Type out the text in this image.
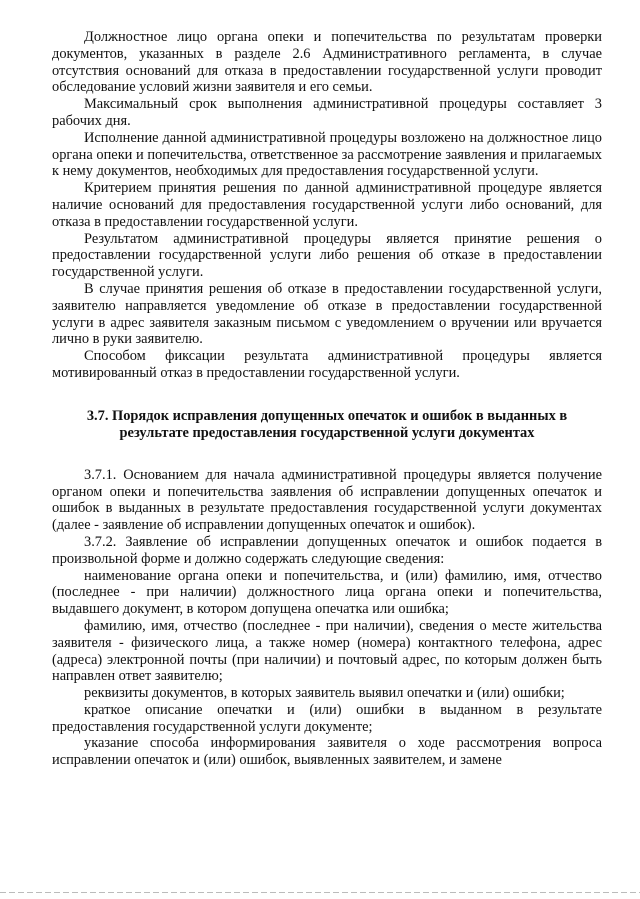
Должностное лицо органа опеки и попечительства по результатам проверки документов, указанных в разделе 2.6 Административного регламента, в случае отсутствия оснований для отказа в предоставлении государственной услуги проводит обследование условий жизни заявителя и его семьи.

Максимальный срок выполнения административной процедуры составляет 3 рабочих дня.

Исполнение данной административной процедуры возложено на должностное лицо органа опеки и попечительства, ответственное за рассмотрение заявления и прилагаемых к нему документов, необходимых для предоставления государственной услуги.

Критерием принятия решения по данной административной процедуре является наличие оснований для предоставления государственной услуги либо оснований, для отказа в предоставлении государственной услуги.

Результатом административной процедуры является принятие решения о предоставлении государственной услуги либо решения об отказе в предоставлении государственной услуги.

В случае принятия решения об отказе в предоставлении государственной услуги, заявителю направляется уведомление об отказе в предоставлении государственной услуги в адрес заявителя заказным письмом с уведомлением о вручении или вручается лично в руки заявителю.

Способом фиксации результата административной процедуры является мотивированный отказ в предоставлении государственной услуги.

3.7. Порядок исправления допущенных опечаток и ошибок в выданных в
результате предоставления государственной услуги документах

3.7.1. Основанием для начала административной процедуры является получение органом опеки и попечительства заявления об исправлении допущенных опечаток и ошибок в выданных в результате предоставления государственной услуги документах (далее - заявление об исправлении допущенных опечаток и ошибок).

3.7.2. Заявление об исправлении допущенных опечаток и ошибок подается в произвольной форме и должно содержать следующие сведения:

наименование органа опеки и попечительства, и (или) фамилию, имя, отчество (последнее - при наличии) должностного лица органа опеки и попечительства, выдавшего документ, в котором допущена опечатка или ошибка;

фамилию, имя, отчество (последнее - при наличии), сведения о месте жительства заявителя - физического лица, а также номер (номера) контактного телефона, адрес (адреса) электронной почты (при наличии) и почтовый адрес, по которым должен быть направлен ответ заявителю;

реквизиты документов, в которых заявитель выявил опечатки и (или) ошибки;

краткое описание опечатки и (или) ошибки в выданном в результате предоставления государственной услуги документе;

указание способа информирования заявителя о ходе рассмотрения вопроса исправлении опечаток и (или) ошибок, выявленных заявителем, и замене
